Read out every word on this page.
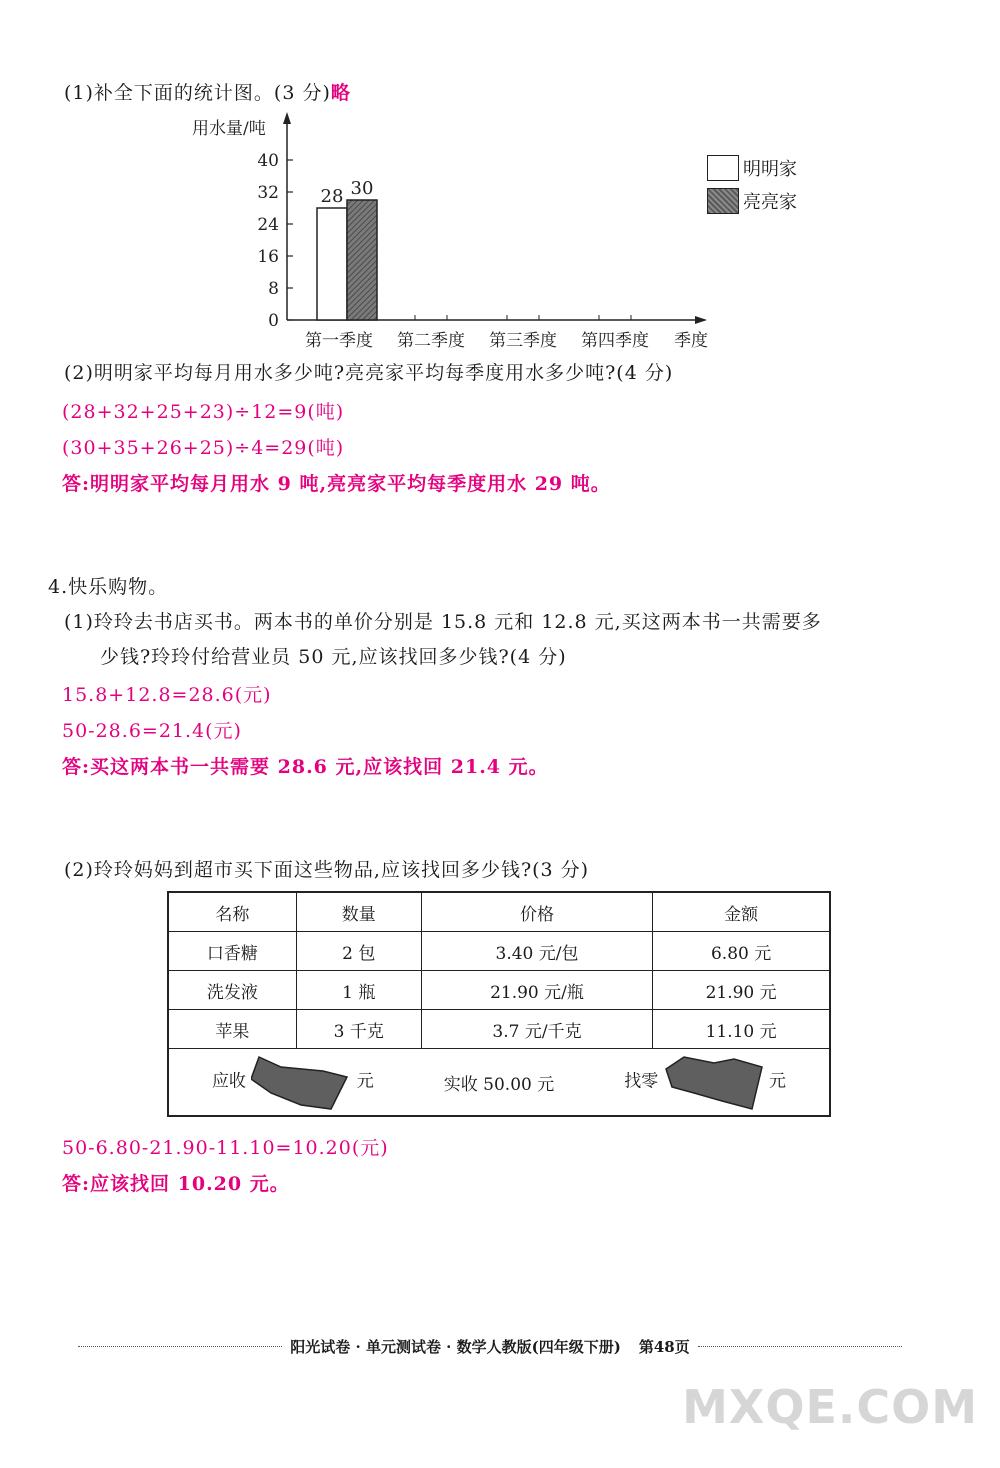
(1)补全下面的统计图。(3 分)略
用水量/吨
0
8
16
24
32
40
第一季度 第二季度 第三季度 第四季度 季度
28 30
明明家
亮亮家
(2)明明家平均每月用水多少吨?亮亮家平均每季度用水多少吨?(4 分)
(28+32+25+23)÷12=9(吨)
(30+35+26+25)÷4=29(吨)
答:明明家平均每月用水 9 吨,亮亮家平均每季度用水 29 吨。
4.快乐购物。
(1)玲玲去书店买书。两本书的单价分别是 15.8 元和 12.8 元,买这两本书一共需要多
少钱?玲玲付给营业员 50 元,应该找回多少钱?(4 分)
15.8+12.8=28.6(元)
50-28.6=21.4(元)
答:买这两本书一共需要 28.6 元,应该找回 21.4 元。
(2)玲玲妈妈到超市买下面这些物品,应该找回多少钱?(3 分)
名称	数量	价格	金额
口香糖	2 包	3.40 元/包	6.80 元
洗发液	1 瓶	21.90 元/瓶	21.90 元
苹果	3 千克	3.7 元/千克	11.10 元

应收 元 实收 50.00 元 找零 元			
50-6.80-21.90-11.10=10.20(元)
答:应该找回 10.20 元。
阳光试卷 · 单元测试卷 · 数学人教版(四年级下册) 第48页
MXQE.COM
